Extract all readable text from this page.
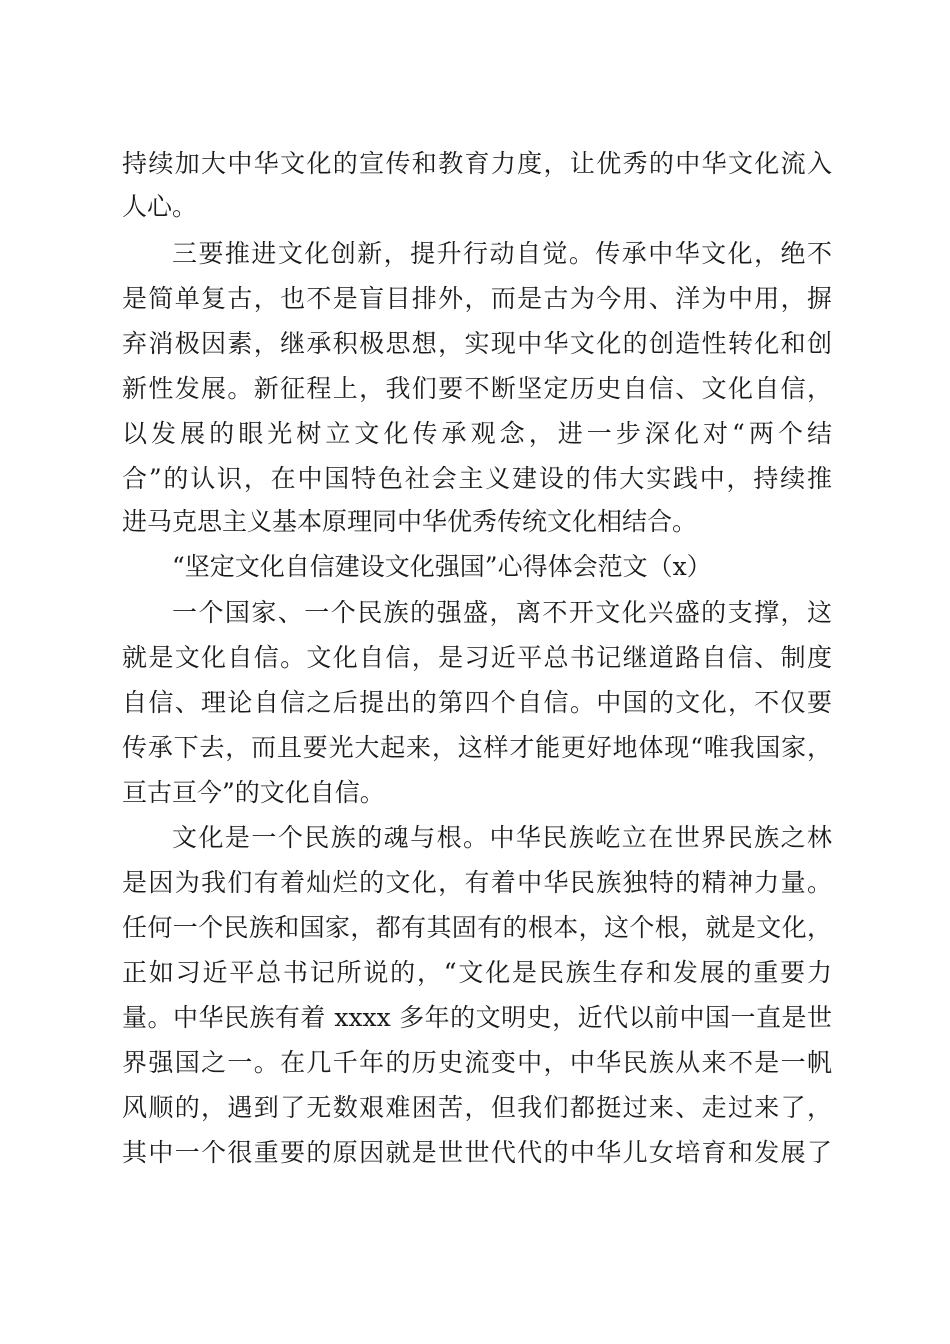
持续加大中华文化的宣传和教育力度，让优秀的中华文化流入

人心。

三要推进文化创新，提升行动自觉。传承中华文化，绝不

是简单复古，也不是盲目排外，而是古为今用、洋为中用，摒

弃消极因素，继承积极思想，实现中华文化的创造性转化和创

新性发展。新征程上，我们要不断坚定历史自信、文化自信，

以发展的眼光树立文化传承观念，进一步深化对“两个结

合”的认识，在中国特色社会主义建设的伟大实践中，持续推

进马克思主义基本原理同中华优秀传统文化相结合。

“坚定文化自信建设文化强国”心得体会范文（x）

一个国家、一个民族的强盛，离不开文化兴盛的支撑，这

就是文化自信。文化自信，是习近平总书记继道路自信、制度

自信、理论自信之后提出的第四个自信。中国的文化，不仅要

传承下去，而且要光大起来，这样才能更好地体现“唯我国家，

亘古亘今”的文化自信。

文化是一个民族的魂与根。中华民族屹立在世界民族之林

是因为我们有着灿烂的文化，有着中华民族独特的精神力量。

任何一个民族和国家，都有其固有的根本，这个根，就是文化，

正如习近平总书记所说的，“文化是民族生存和发展的重要力

量。中华民族有着 xxxx 多年的文明史，近代以前中国一直是世

界强国之一。在几千年的历史流变中，中华民族从来不是一帆

风顺的，遇到了无数艰难困苦，但我们都挺过来、走过来了，

其中一个很重要的原因就是世世代代的中华儿女培育和发展了
